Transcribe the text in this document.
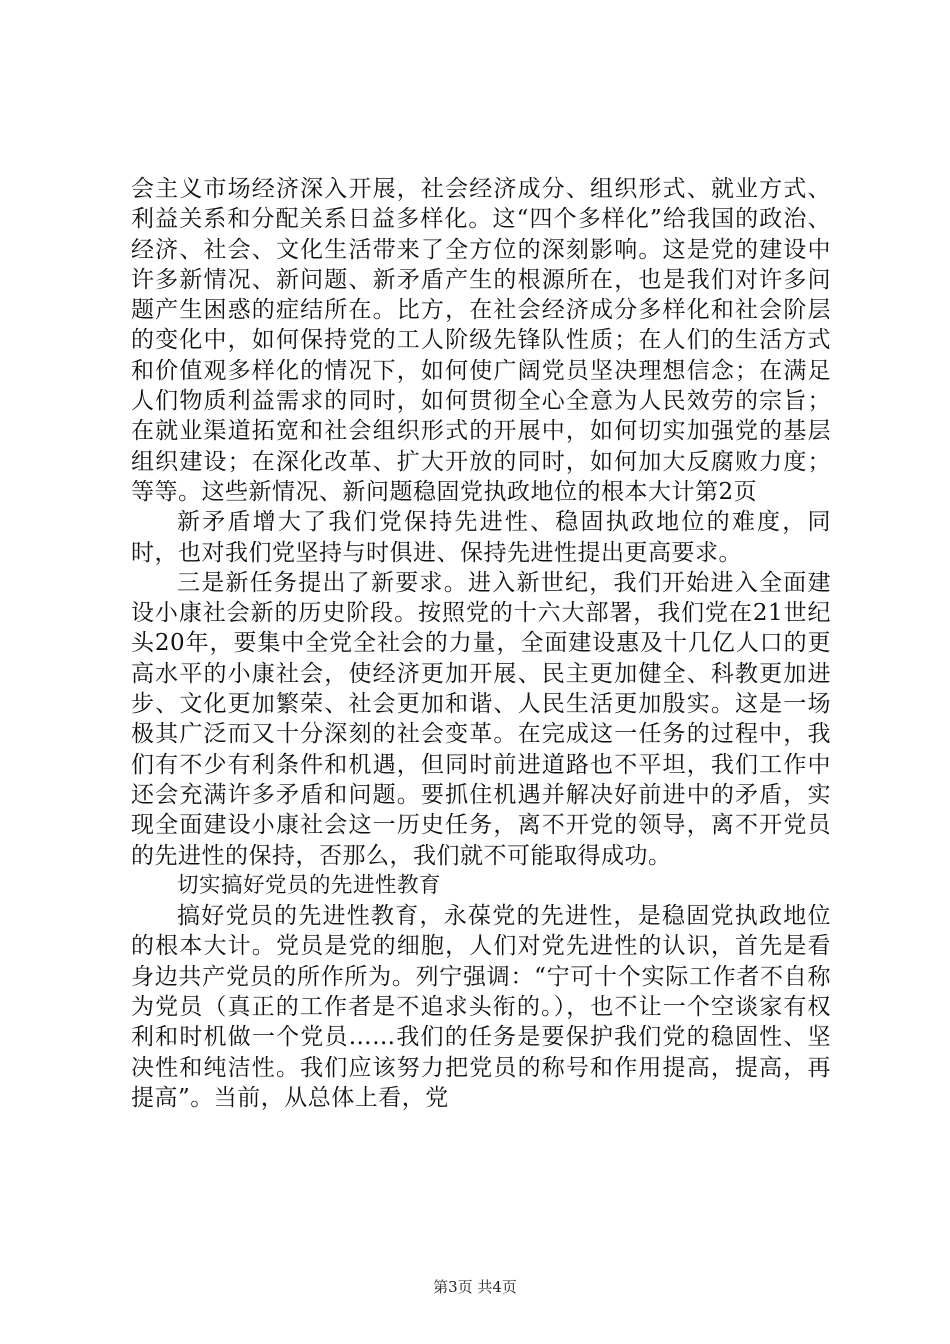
会主义市场经济深入开展，社会经济成分、组织形式、就业方式、利益关系和分配关系日益多样化。这“四个多样化”给我国的政治、经济、社会、文化生活带来了全方位的深刻影响。这是党的建设中许多新情况、新问题、新矛盾产生的根源所在，也是我们对许多问题产生困惑的症结所在。比方，在社会经济成分多样化和社会阶层的变化中，如何保持党的工人阶级先锋队性质；在人们的生活方式和价值观多样化的情况下，如何使广阔党员坚决理想信念；在满足人们物质利益需求的同时，如何贯彻全心全意为人民效劳的宗旨；在就业渠道拓宽和社会组织形式的开展中，如何切实加强党的基层组织建设；在深化改革、扩大开放的同时，如何加大反腐败力度；等等。这些新情况、新问题稳固党执政地位的根本大计第2页

新矛盾增大了我们党保持先进性、稳固执政地位的难度，同时，也对我们党坚持与时俱进、保持先进性提出更高要求。

三是新任务提出了新要求。进入新世纪，我们开始进入全面建设小康社会新的历史阶段。按照党的十六大部署，我们党在21世纪头20年，要集中全党全社会的力量，全面建设惠及十几亿人口的更高水平的小康社会，使经济更加开展、民主更加健全、科教更加进步、文化更加繁荣、社会更加和谐、人民生活更加殷实。这是一场极其广泛而又十分深刻的社会变革。在完成这一任务的过程中，我们有不少有利条件和机遇，但同时前进道路也不平坦，我们工作中还会充满许多矛盾和问题。要抓住机遇并解决好前进中的矛盾，实现全面建设小康社会这一历史任务，离不开党的领导，离不开党员的先进性的保持，否那么，我们就不可能取得成功。

切实搞好党员的先进性教育

搞好党员的先进性教育，永葆党的先进性，是稳固党执政地位的根本大计。党员是党的细胞，人们对党先进性的认识，首先是看身边共产党员的所作所为。列宁强调：“宁可十个实际工作者不自称为党员（真正的工作者是不追求头衔的。），也不让一个空谈家有权利和时机做一个党员……我们的任务是要保护我们党的稳固性、坚决性和纯洁性。我们应该努力把党员的称号和作用提高，提高，再提高”。当前，从总体上看，党

第3页 共4页
